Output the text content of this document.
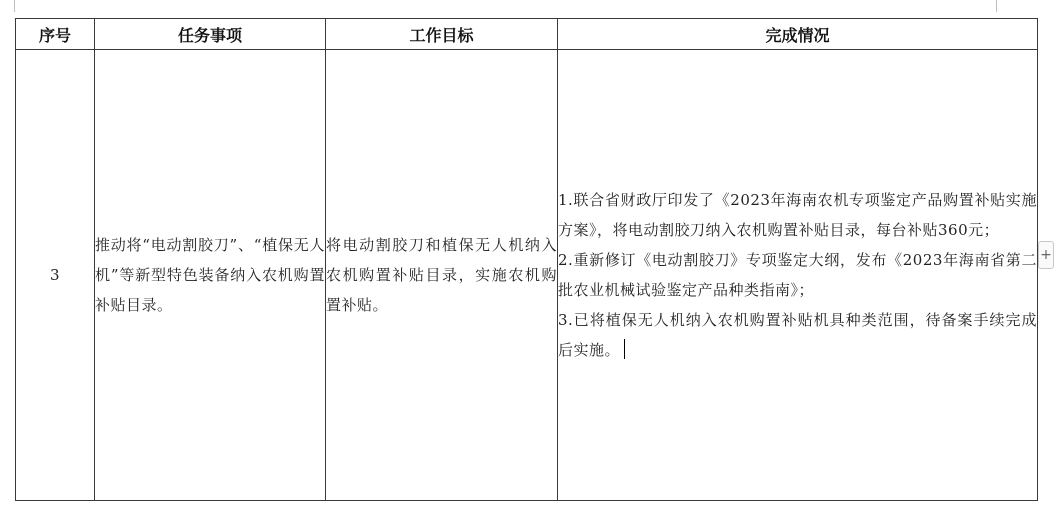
序号	任务事项	工作目标	完成情况
3	推动将“电动割胶刀”、“植保无人机”等新型特色装备纳入农机购置补贴目录。	将电动割胶刀和植保无人机纳入农机购置补贴目录，实施农机购置补贴。	1.联合省财政厅印发了《2023年海南农机专项鉴定产品购置补贴实施方案》，将电动割胶刀纳入农机购置补贴目录，每台补贴360元；
2.重新修订《电动割胶刀》专项鉴定大纲，发布《2023年海南省第二批农业机械试验鉴定产品种类指南》；
3.已将植保无人机纳入农机购置补贴机具种类范围，待备案手续完成后实施。
+
